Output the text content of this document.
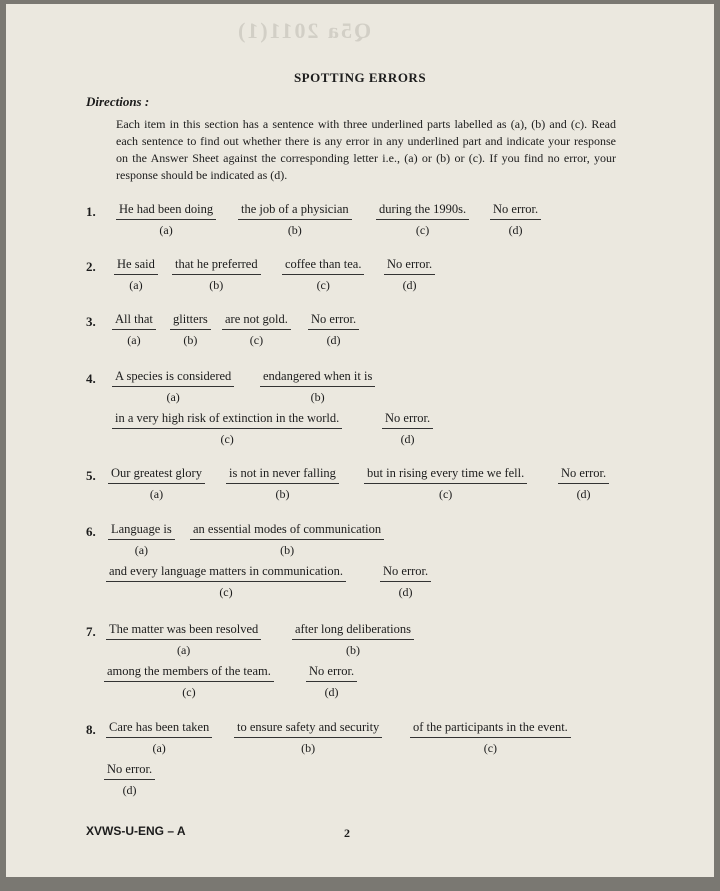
Q5a 2011(1)
SPOTTING ERRORS
Directions :
Each item in this section has a sentence with three underlined parts labelled as (a), (b) and (c). Read each sentence to find out whether there is any error in any underlined part and indicate your response on the Answer Sheet against the corresponding letter i.e., (a) or (b) or (c). If you find no error, your response should be indicated as (d).
1. He had been doing
(a)
the job of a physician
(b)
during the 1990s.
(c)
No error.
(d)
2. He said
(a)
that he preferred
(b)
coffee than tea.
(c)
No error.
(d)
3. All that
(a)
glitters
(b)
are not gold.
(c)
No error.
(d)
4. A species is considered
(a)
endangered when it is
(b)
in a very high risk of extinction in the world.
(c)
No error.
(d)
5. Our greatest glory
(a)
is not in never falling
(b)
but in rising every time we fell.
(c)
No error.
(d)
6. Language is
(a)
an essential modes of communication
(b)
and every language matters in communication.
(c)
No error.
(d)
7. The matter was been resolved
(a)
after long deliberations
(b)
among the members of the team.
(c)
No error.
(d)
8. Care has been taken
(a)
to ensure safety and security
(b)
of the participants in the event.
(c)
No error.
(d)
XVWS-U-ENG – A	2
